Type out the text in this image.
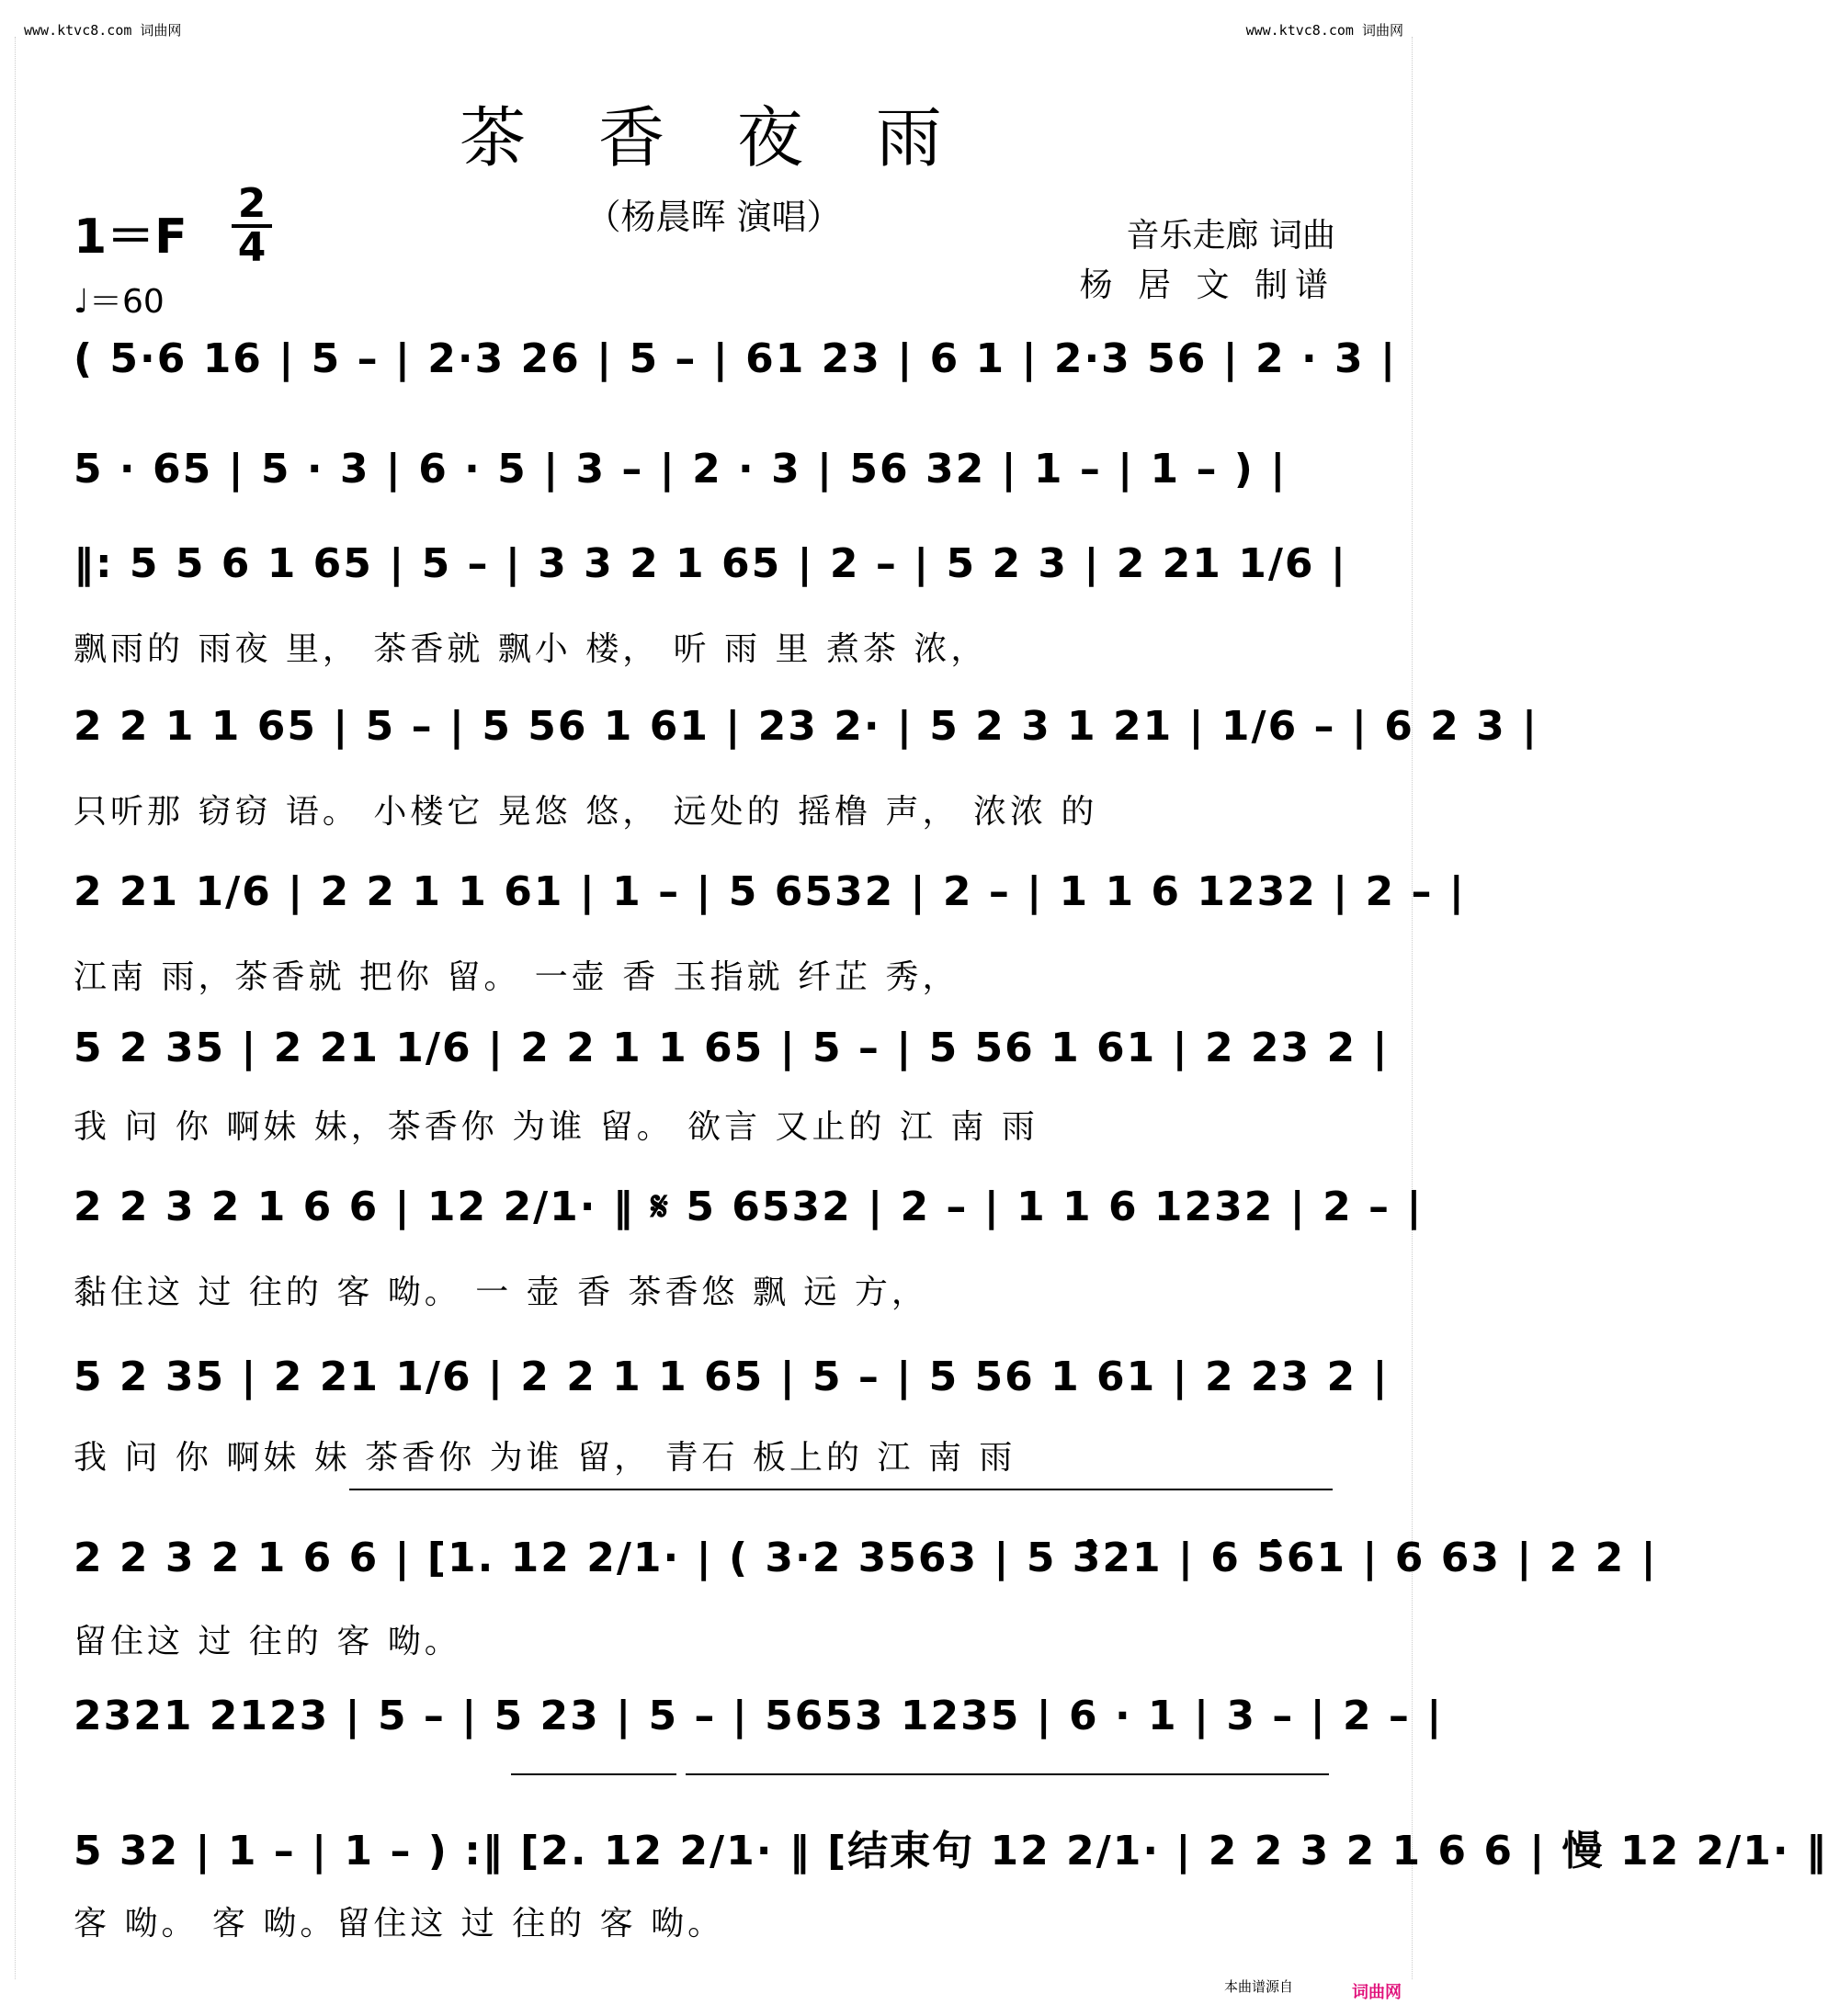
www.ktvc8.com 词曲网	www.ktvc8.com 词曲网
茶 香 夜 雨
（杨晨晖 演唱）
1＝F
2
4
♩＝60
音乐走廊 词曲
杨 居 文 制谱
( 5·6 16 | 5 – | 2·3 26 | 5 – | 61 23 | 6 1 | 2·3 56 | 2 · 3 |
5 · 65 | 5 · 3 | 6 · 5 | 3 – | 2 · 3 | 56 32 | 1 – | 1 – ) |
‖: 5 5 6 1 65 | 5 – | 3 3 2 1 65 | 2 – | 5 2 3 | 2 21 1/6 |
飘雨的 雨夜 里， 茶香就 飘小 楼， 听 雨 里 煮茶 浓，
2 2 1 1 65 | 5 – | 5 56 1 61 | 23 2· | 5 2 3 1 21 | 1/6 – | 6 2 3 |
只听那 窃窃 语。 小楼它 晃悠 悠， 远处的 摇橹 声， 浓浓 的
2 21 1/6 | 2 2 1 1 61 | 1 – | 5 6532 | 2 – | 1 1 6 1232 | 2 – |
江南 雨，茶香就 把你 留。 一壶 香 玉指就 纤芷 秀，
5 2 35 | 2 21 1/6 | 2 2 1 1 65 | 5 – | 5 56 1 61 | 2 23 2 |
我 问 你 啊妹 妹，茶香你 为谁 留。 欲言 又止的 江 南 雨
2 2 3 2 1 6 6 | 12 2/1· ‖ 𝄋 5 6532 | 2 – | 1 1 6 1232 | 2 – |
黏住这 过 往的 客 呦。 一 壶 香 茶香悠 飘 远 方，
5 2 35 | 2 21 1/6 | 2 2 1 1 65 | 5 – | 5 56 1 61 | 2 23 2 |
我 问 你 啊妹 妹 茶香你 为谁 留， 青石 板上的 江 南 雨
2 2 3 2 1 6 6 | [1. 12 2/1· | ( 3·2 3563 | 5 3̂21 | 6 5̂61 | 6 63 | 2 2 |
留住这 过 往的 客 呦。
2321 2123 | 5 – | 5 23 | 5 – | 5653 1235 | 6 · 1 | 3 – | 2 – |
5 32 | 1 – | 1 – ) :‖ [2. 12 2/1· ‖ [结束句 12 2/1· | 2 2 3 2 1 6 6 | 慢 12 2/1· ‖
客 呦。 客 呦。留住这 过 往的 客 呦。
本曲谱源自	词曲网
